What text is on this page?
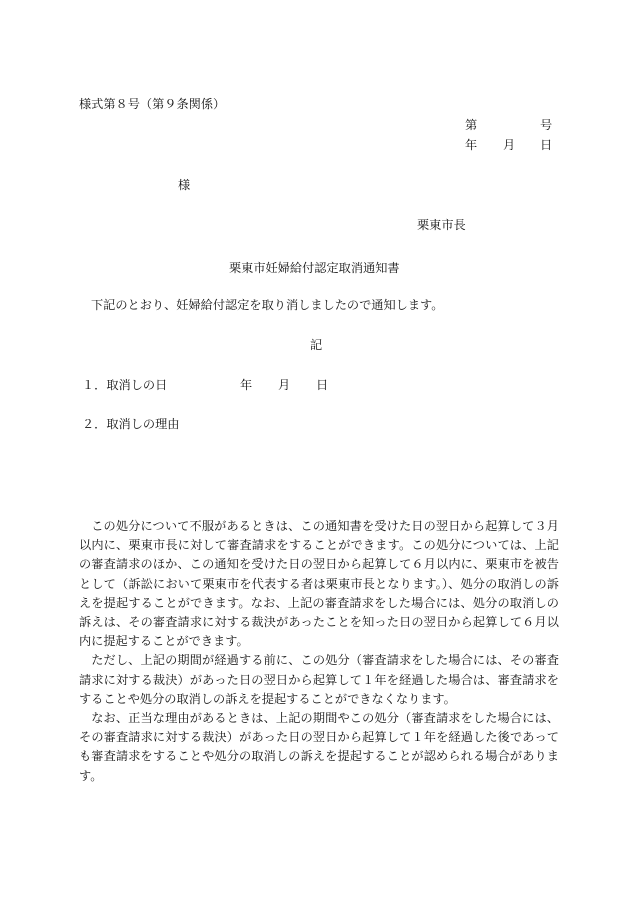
様式第８号（第９条関係）
第	号
年 月 日
様
栗東市長
栗東市妊婦給付認定取消通知書
下記のとおり、妊婦給付認定を取り消しましたので通知します。
記
１．取消しの日	年 月 日
２．取消しの理由

この処分について不服があるときは、この通知書を受けた日の翌日から起算して３月以内に、栗東市長に対して審査請求をすることができます。この処分については、上記の審査請求のほか、この通知を受けた日の翌日から起算して６月以内に、栗東市を被告として（訴訟において栗東市を代表する者は栗東市長となります。）、処分の取消しの訴えを提起することができます。なお、上記の審査請求をした場合には、処分の取消しの訴えは、その審査請求に対する裁決があったことを知った日の翌日から起算して６月以内に提起することができます。

ただし、上記の期間が経過する前に、この処分（審査請求をした場合には、その審査請求に対する裁決）があった日の翌日から起算して１年を経過した場合は、審査請求をすることや処分の取消しの訴えを提起することができなくなります。

なお、正当な理由があるときは、上記の期間やこの処分（審査請求をした場合には、その審査請求に対する裁決）があった日の翌日から起算して１年を経過した後であっても審査請求をすることや処分の取消しの訴えを提起することが認められる場合があります。
